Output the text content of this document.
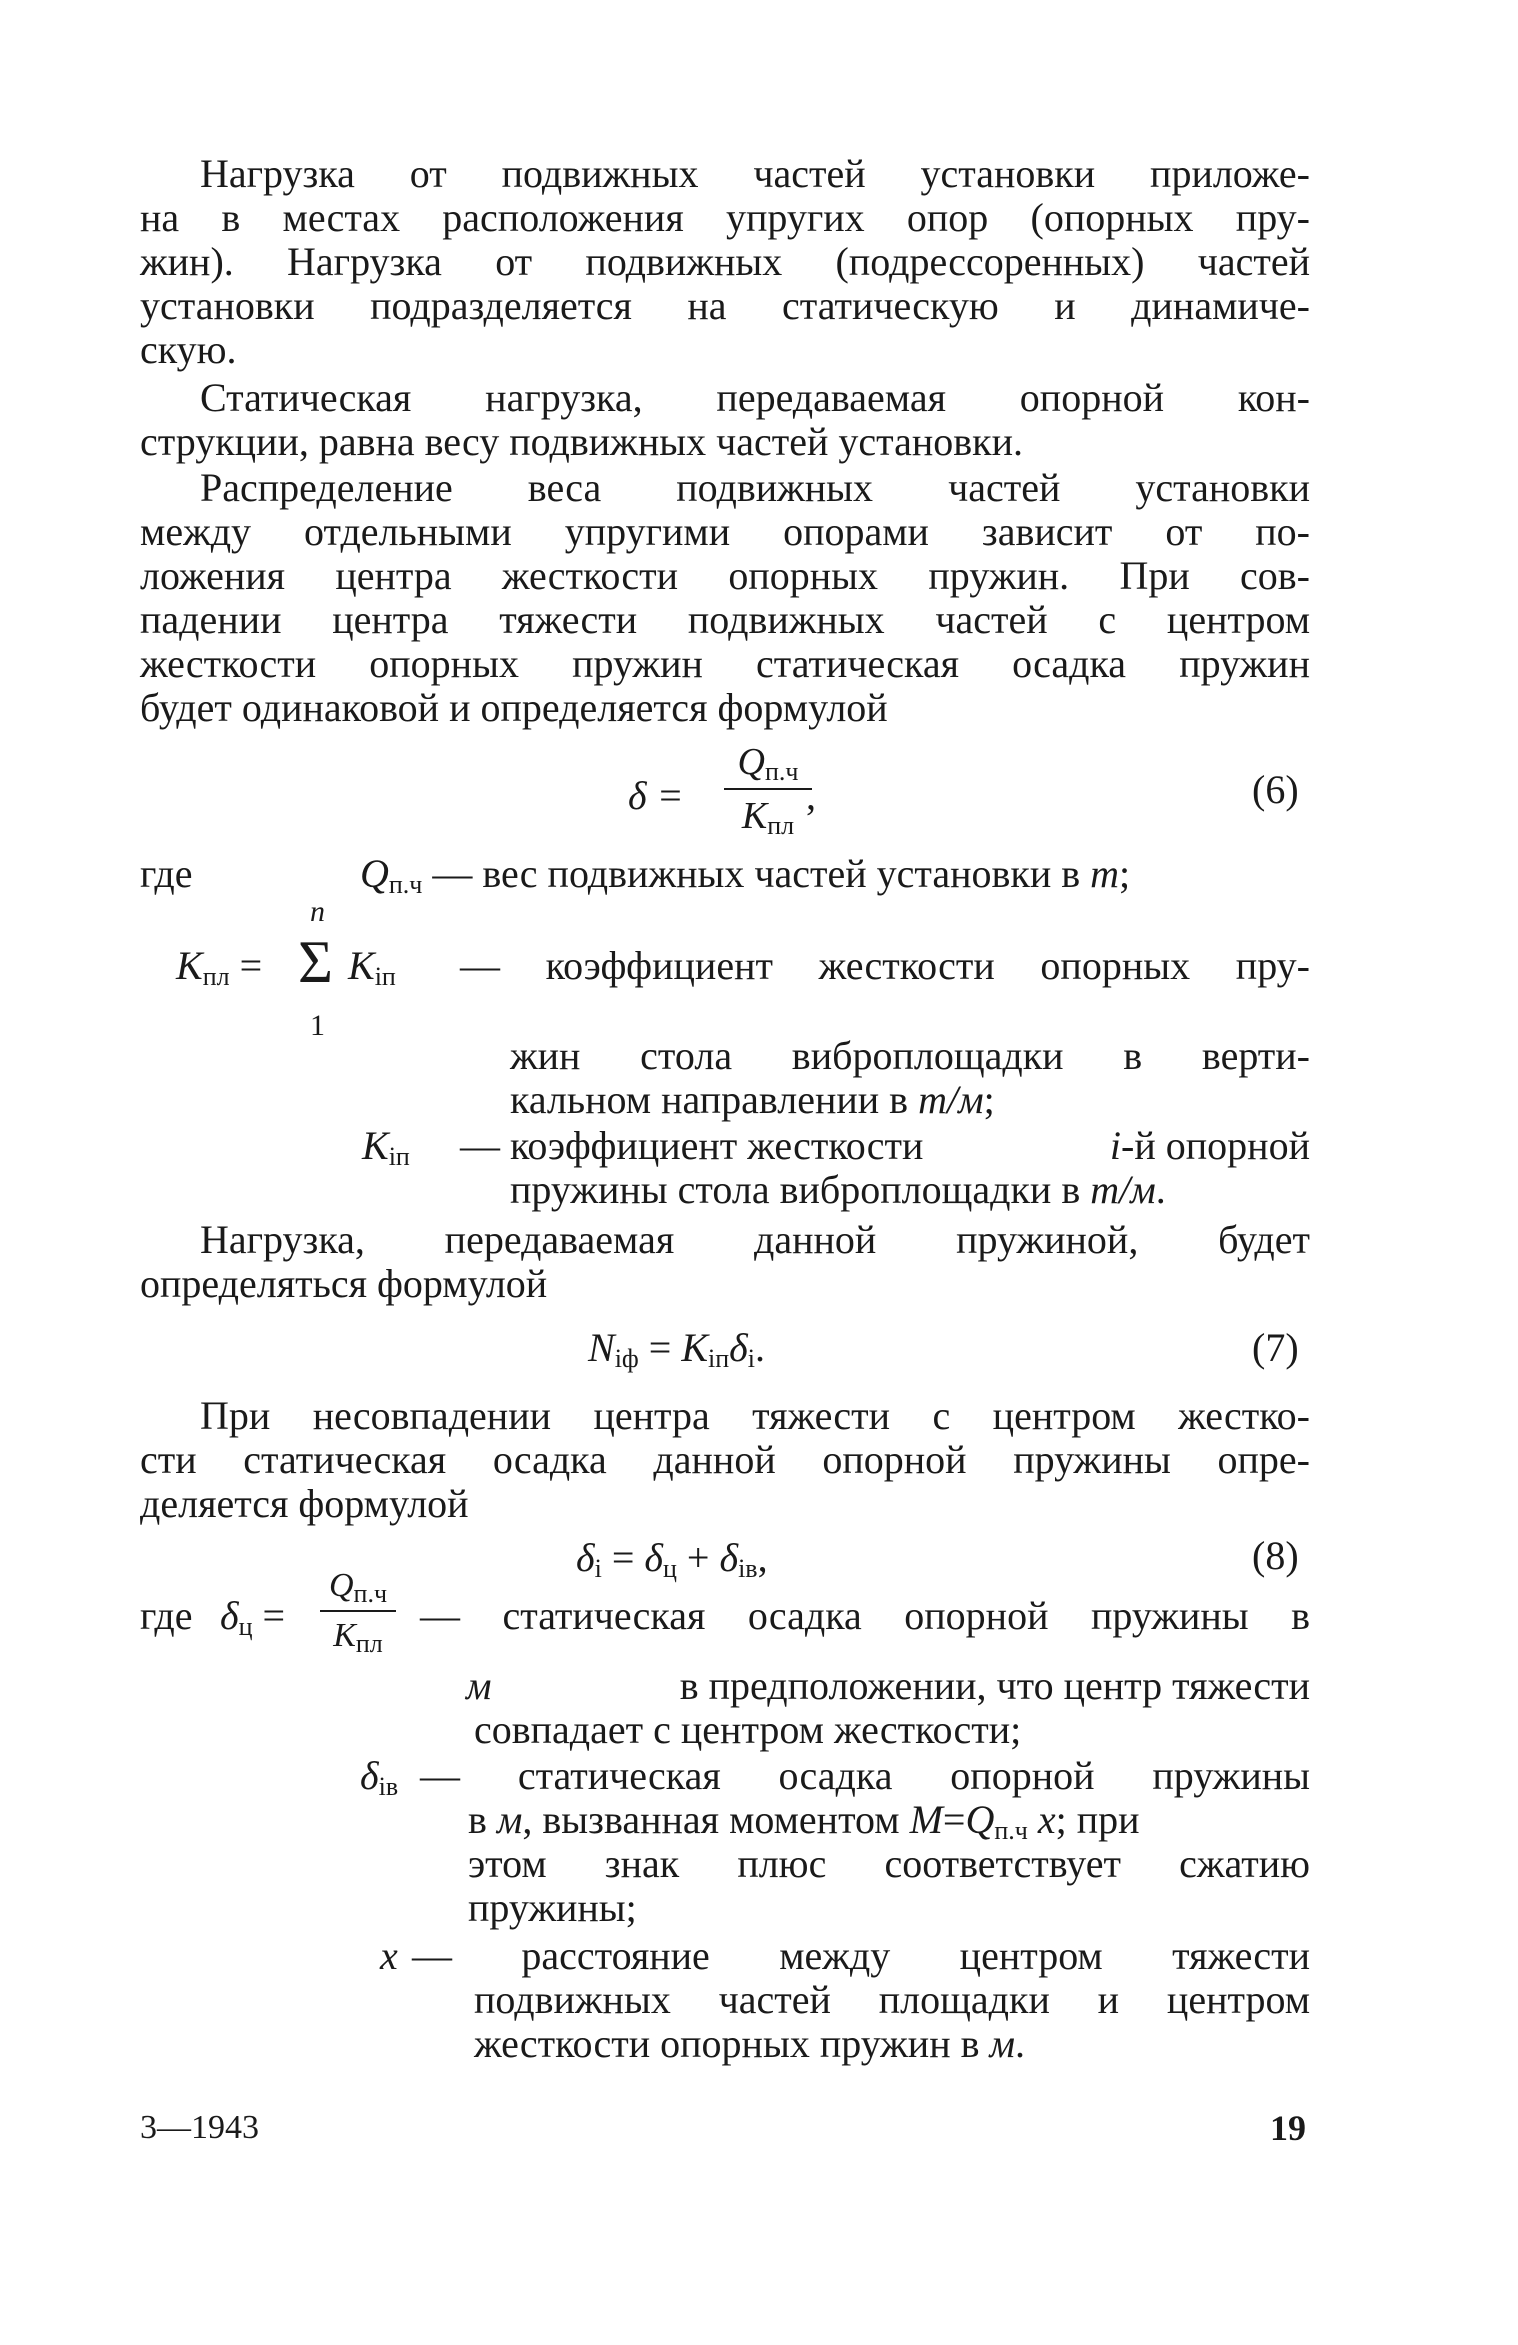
Нагрузка от подвижных частей установки приложе-
на в местах расположения упругих опор (опорных пру-
жин). Нагрузка от подвижных (подрессоренных) частей
установки подразделяется на статическую и динамиче-
скую.
Статическая нагрузка, передаваемая опорной кон-
струкции, равна весу подвижных частей установки.
Распределение веса подвижных частей установки
между отдельными упругими опорами зависит от по-
ложения центра жесткости опорных пружин. При сов-
падении центра тяжести подвижных частей с центром
жесткости опорных пружин статическая осадка пружин
будет одинаковой и определяется формулой
δ =
$Q_{п.ч}$
$K_{пл}$
,	(6)
где	$Q_{п.ч}$ — вес подвижных частей установки в т;
$K_{пл}$ =
n
Σ
1
$K_{iп}$ — коэффициент жесткости опорных пру-
жин стола виброплощадки в верти-
кальном направлении в т/м;
$K_{iп}$ — коэффициент жесткости	i-й опорной
пружины стола виброплощадки в т/м.
Нагрузка, передаваемая данной пружиной, будет
определяться формулой
$N_{iф} = K_{iп}\delta_i$.	(7)
При несовпадении центра тяжести с центром жестко-
сти статическая осадка данной опорной пружины опре-
деляется формулой
$\delta_i = \delta_ц + \delta_{iв}$,	(8)
где $\delta_ц$ =
$Q_{п.ч}$
$K_{пл}$
— статическая осадка опорной пружины в
м	в предположении, что центр тяжести
совпадает с центром жесткости;
$\delta_{iв}$ — статическая осадка опорной пружины
в м, вызванная моментом $M=Q_{п.ч}$ x; при
этом знак плюс соответствует сжатию
пружины;
x — расстояние между центром тяжести
подвижных частей площадки и центром
жесткости опорных пружин в м.
3—1943	19
